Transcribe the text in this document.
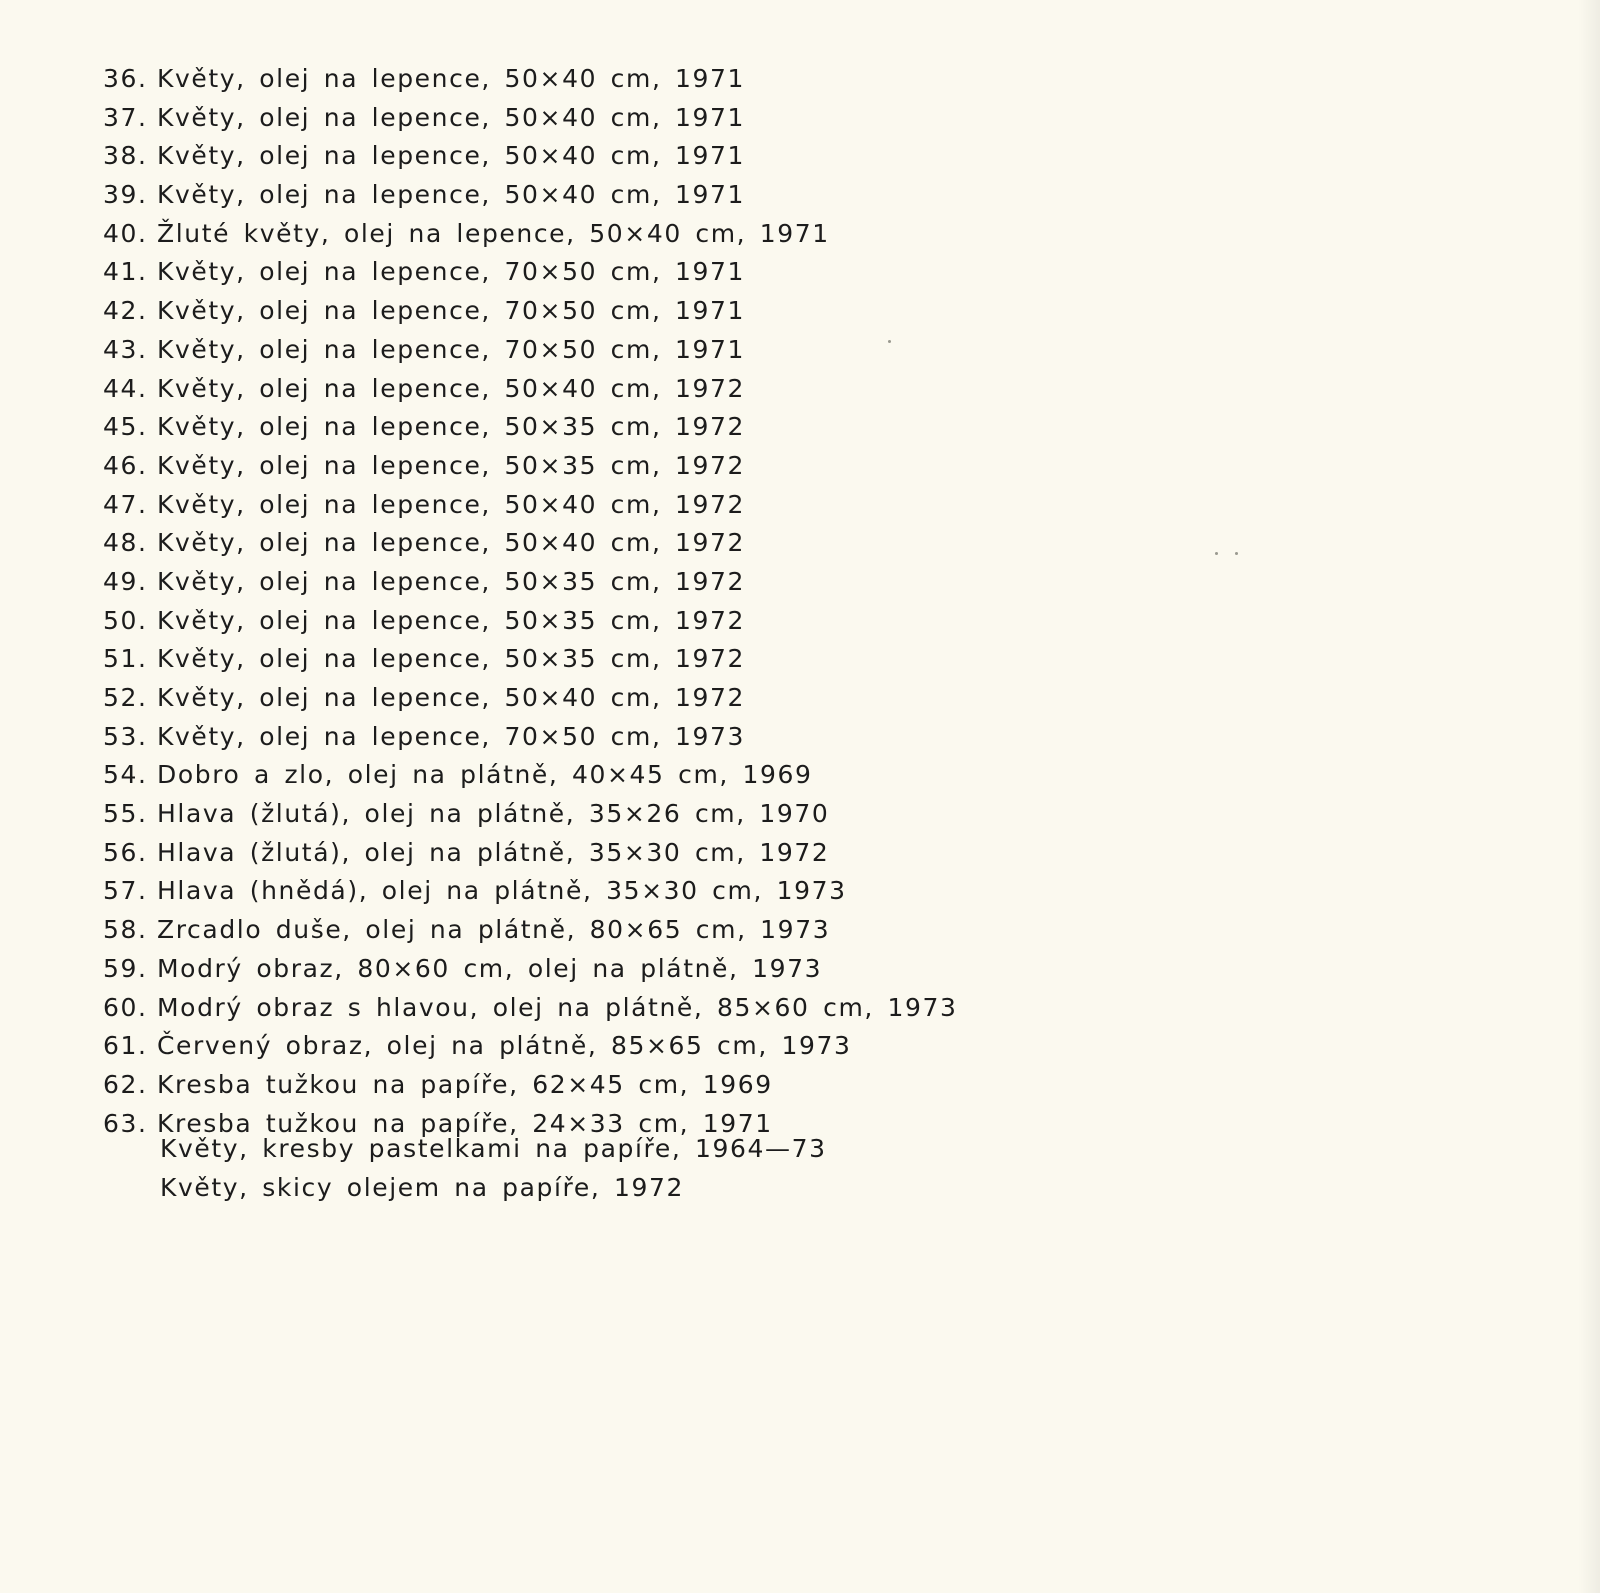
36. Květy, olej na lepence, 50×40 cm, 1971
37. Květy, olej na lepence, 50×40 cm, 1971
38. Květy, olej na lepence, 50×40 cm, 1971
39. Květy, olej na lepence, 50×40 cm, 1971
40. Žluté květy, olej na lepence, 50×40 cm, 1971
41. Květy, olej na lepence, 70×50 cm, 1971
42. Květy, olej na lepence, 70×50 cm, 1971
43. Květy, olej na lepence, 70×50 cm, 1971
44. Květy, olej na lepence, 50×40 cm, 1972
45. Květy, olej na lepence, 50×35 cm, 1972
46. Květy, olej na lepence, 50×35 cm, 1972
47. Květy, olej na lepence, 50×40 cm, 1972
48. Květy, olej na lepence, 50×40 cm, 1972
49. Květy, olej na lepence, 50×35 cm, 1972
50. Květy, olej na lepence, 50×35 cm, 1972
51. Květy, olej na lepence, 50×35 cm, 1972
52. Květy, olej na lepence, 50×40 cm, 1972
53. Květy, olej na lepence, 70×50 cm, 1973
54. Dobro a zlo, olej na plátně, 40×45 cm, 1969
55. Hlava (žlutá), olej na plátně, 35×26 cm, 1970
56. Hlava (žlutá), olej na plátně, 35×30 cm, 1972
57. Hlava (hnědá), olej na plátně, 35×30 cm, 1973
58. Zrcadlo duše, olej na plátně, 80×65 cm, 1973
59. Modrý obraz, 80×60 cm, olej na plátně, 1973
60. Modrý obraz s hlavou, olej na plátně, 85×60 cm, 1973
61. Červený obraz, olej na plátně, 85×65 cm, 1973
62. Kresba tužkou na papíře, 62×45 cm, 1969
63. Kresba tužkou na papíře, 24×33 cm, 1971
Květy, kresby pastelkami na papíře, 1964—73
Květy, skicy olejem na papíře, 1972
